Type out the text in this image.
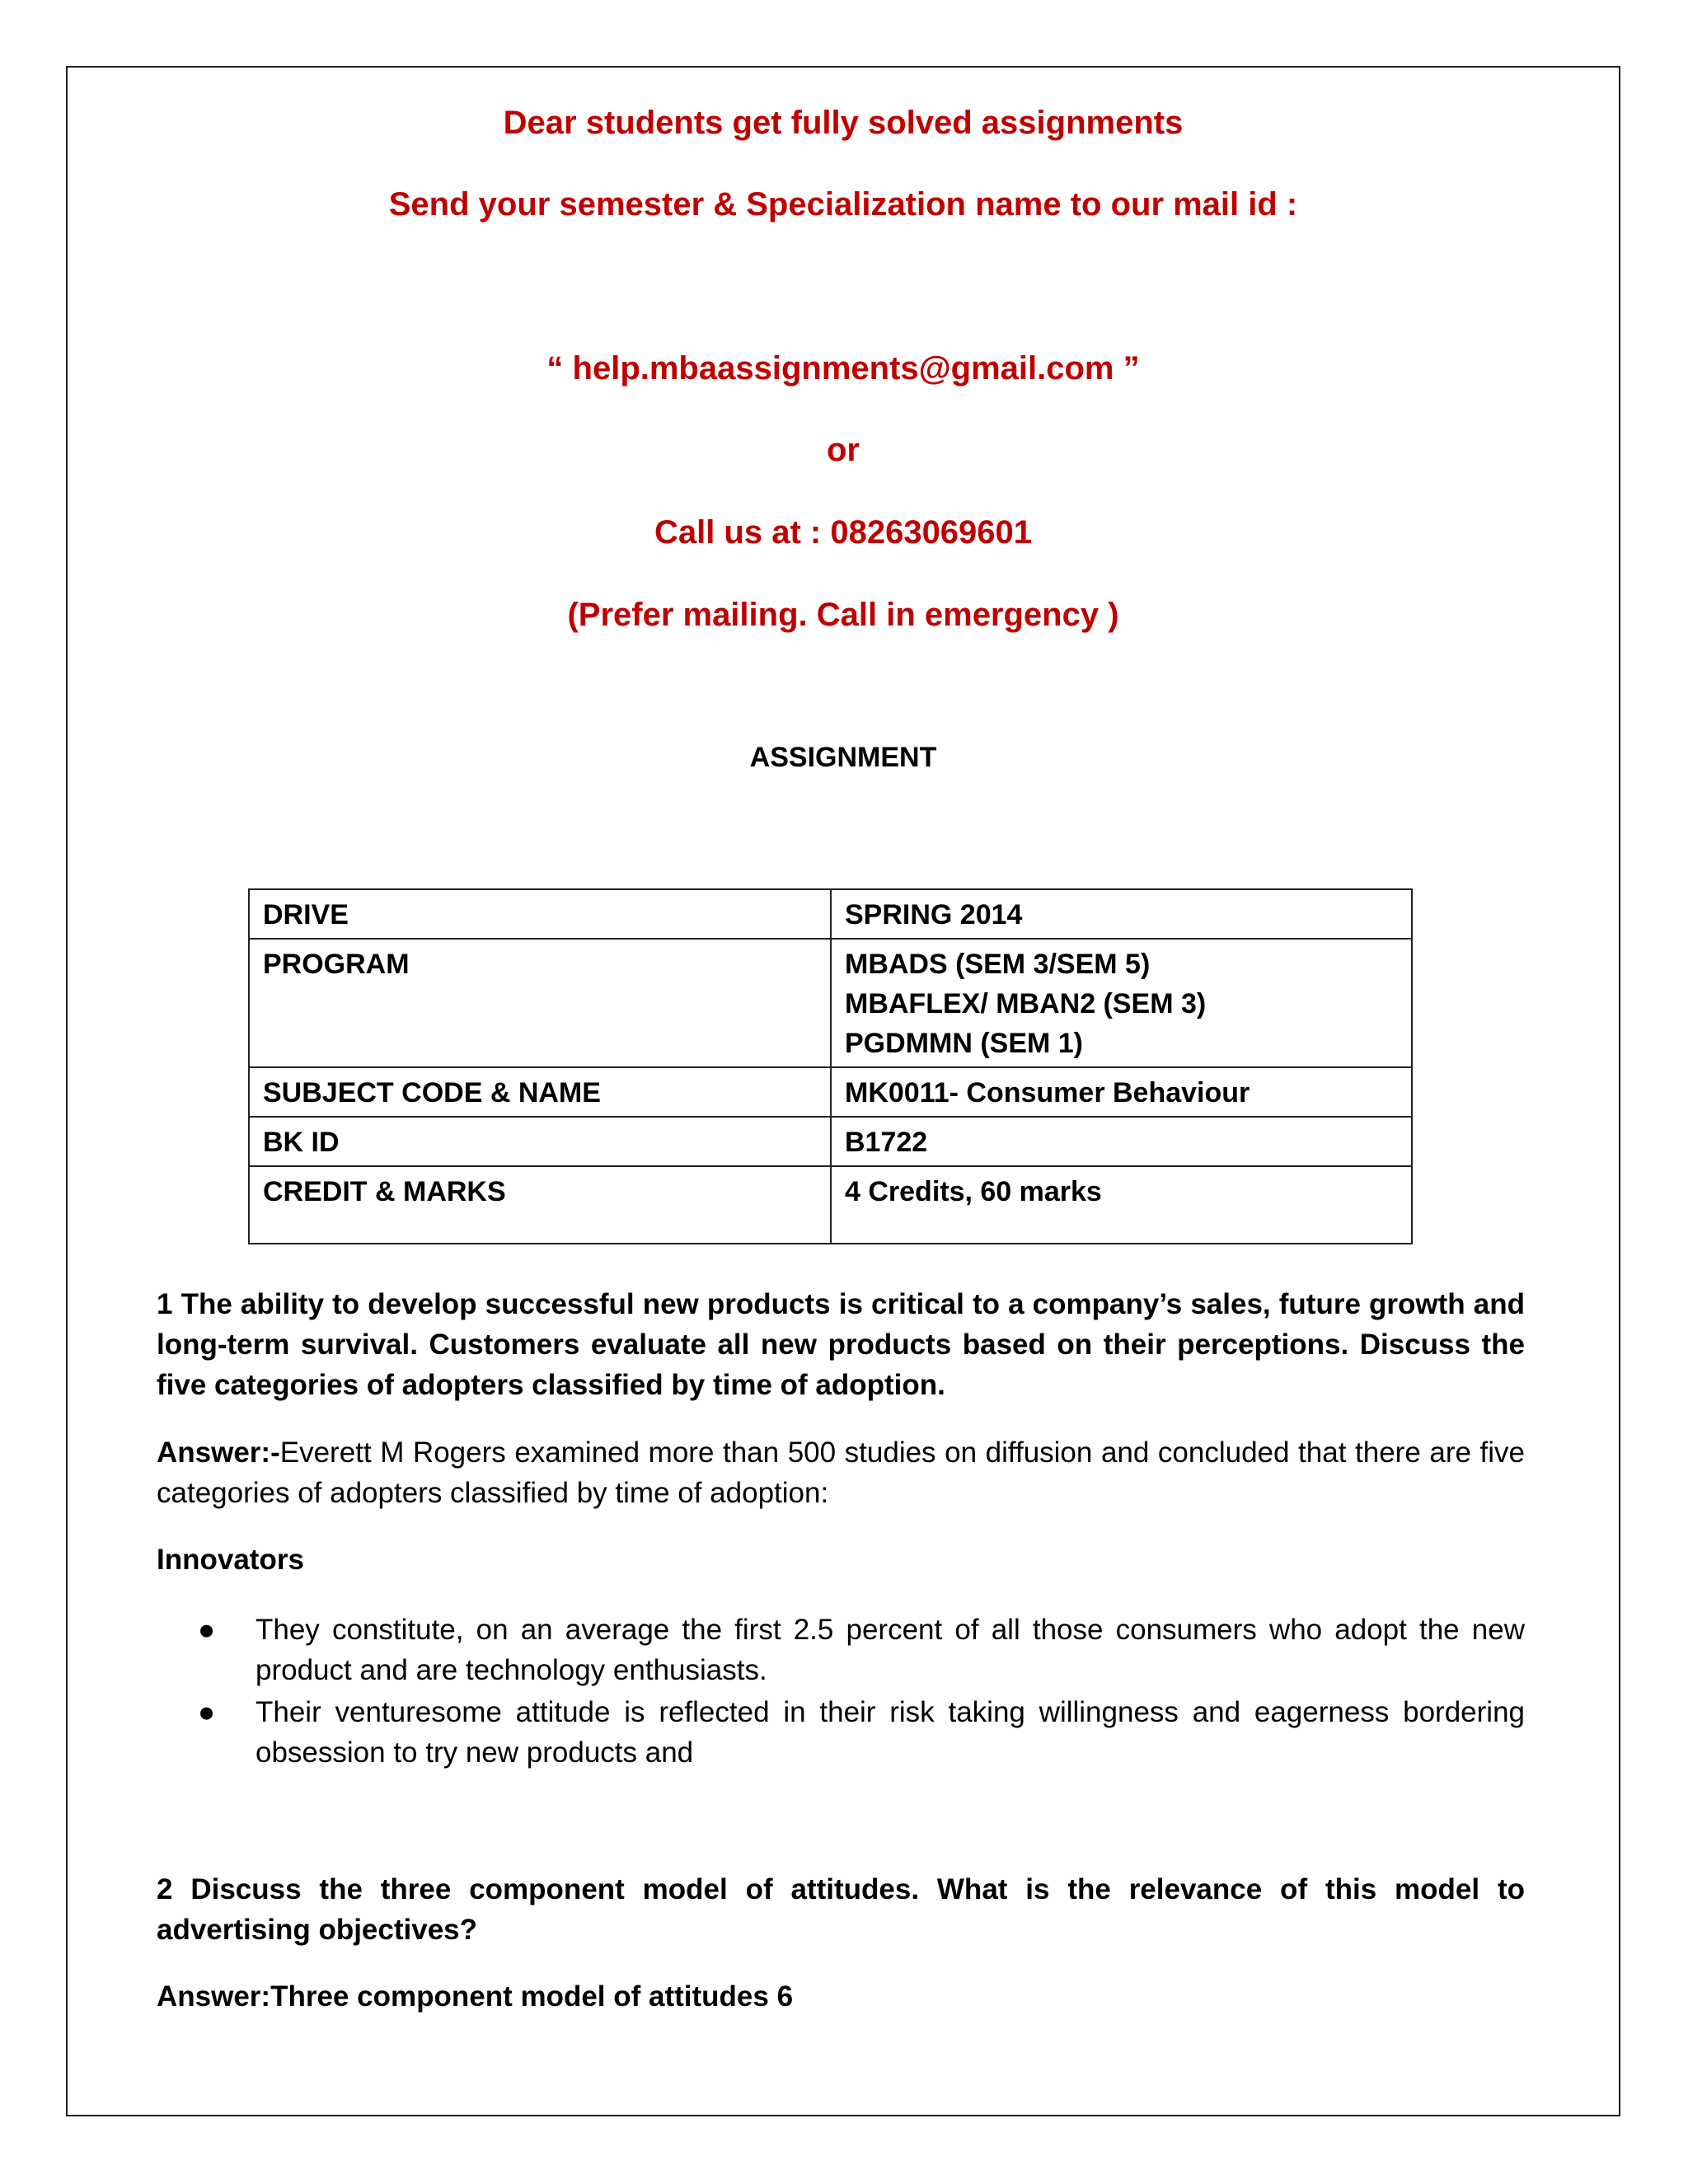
Dear students get fully solved assignments
Send your semester & Specialization name to our mail id :
“ help.mbaassignments@gmail.com ”
or
Call us at : 08263069601
(Prefer mailing. Call in emergency )
ASSIGNMENT
DRIVE	SPRING 2014
PROGRAM	MBADS (SEM 3/SEM 5)
MBAFLEX/ MBAN2 (SEM 3)
PGDMMN (SEM 1)

SUBJECT CODE & NAME	MK0011- Consumer Behaviour
BK ID	B1722
CREDIT & MARKS	4 Credits, 60 marks
1 The ability to develop successful new products is critical to a company’s sales, future growth and long-term survival. Customers evaluate all new products based on their perceptions. Discuss the five categories of adopters classified by time of adoption.
Answer:-Everett M Rogers examined more than 500 studies on diffusion and concluded that there are five categories of adopters classified by time of adoption:
Innovators
● They constitute, on an average the first 2.5 percent of all those consumers who adopt the new product and are technology enthusiasts.
● Their venturesome attitude is reflected in their risk taking willingness and eagerness bordering obsession to try new products and
2 Discuss the three component model of attitudes. What is the relevance of this model to advertising objectives?
Answer:Three component model of attitudes 6
